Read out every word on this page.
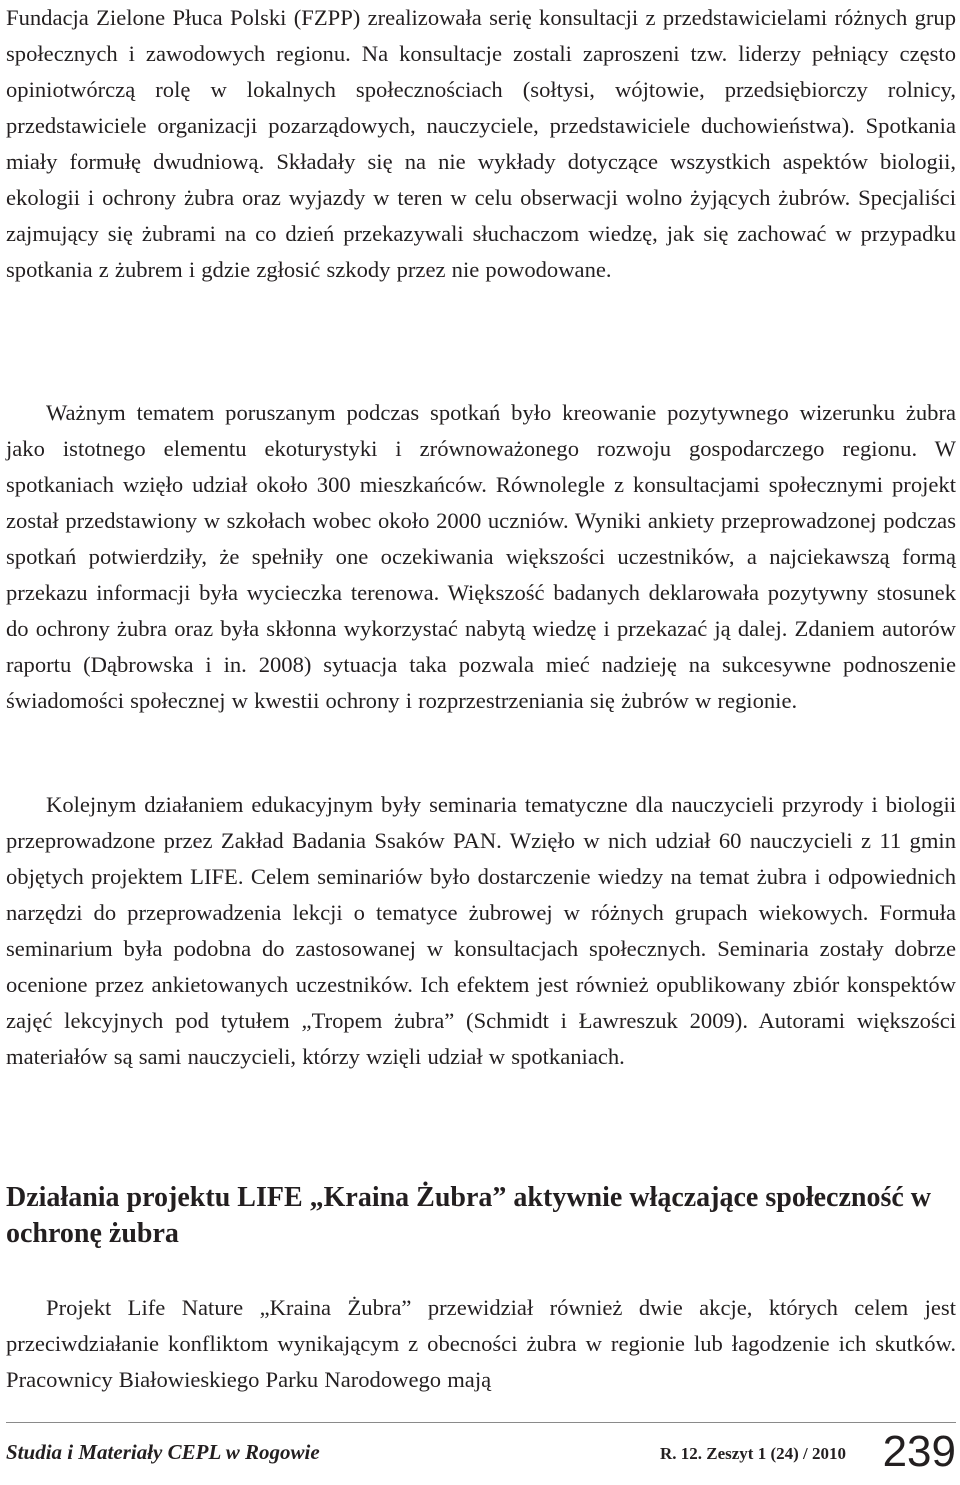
Fundacja Zielone Płuca Polski (FZPP) zrealizowała serię konsultacji z przedstawicielami różnych grup społecznych i zawodowych regionu. Na konsultacje zostali zaproszeni tzw. liderzy pełniący często opiniotwórczą rolę w lokalnych społecznościach (sołtysi, wójtowie, przedsiębiorczy rolnicy, przedstawiciele organizacji pozarządowych, nauczyciele, przedstawiciele duchowieństwa). Spotkania miały formułę dwudniową. Składały się na nie wykłady dotyczące wszystkich aspektów biologii, ekologii i ochrony żubra oraz wyjazdy w teren w celu obserwacji wolno żyjących żubrów. Specjaliści zajmujący się żubrami na co dzień przekazywali słuchaczom wiedzę, jak się zachować w przypadku spotkania z żubrem i gdzie zgłosić szkody przez nie powodowane.

Ważnym tematem poruszanym podczas spotkań było kreowanie pozytywnego wizerunku żubra jako istotnego elementu ekoturystyki i zrównoważonego rozwoju gospodarczego regionu. W spotkaniach wzięło udział około 300 mieszkańców. Równolegle z konsultacjami społecznymi projekt został przedstawiony w szkołach wobec około 2000 uczniów. Wyniki ankiety przeprowadzonej podczas spotkań potwierdziły, że spełniły one oczekiwania większości uczestników, a najciekawszą formą przekazu informacji była wycieczka terenowa. Większość badanych deklarowała pozytywny stosunek do ochrony żubra oraz była skłonna wykorzystać nabytą wiedzę i przekazać ją dalej. Zdaniem autorów raportu (Dąbrowska i in. 2008) sytuacja taka pozwala mieć nadzieję na sukcesywne podnoszenie świadomości społecznej w kwestii ochrony i rozprzestrzeniania się żubrów w regionie.

Kolejnym działaniem edukacyjnym były seminaria tematyczne dla nauczycieli przyrody i biologii przeprowadzone przez Zakład Badania Ssaków PAN. Wzięło w nich udział 60 nauczycieli z 11 gmin objętych projektem LIFE. Celem seminariów było dostarczenie wiedzy na temat żubra i odpowiednich narzędzi do przeprowadzenia lekcji o tematyce żubrowej w różnych grupach wiekowych. Formuła seminarium była podobna do zastosowanej w konsultacjach społecznych. Seminaria zostały dobrze ocenione przez ankietowanych uczestników. Ich efektem jest również opublikowany zbiór konspektów zajęć lekcyjnych pod tytułem „Tropem żubra” (Schmidt i Ławreszuk 2009). Autorami większości materiałów są sami nauczycieli, którzy wzięli udział w spotkaniach.

Działania projektu LIFE „Kraina Żubra” aktywnie włączające społeczność w ochronę żubra

Projekt Life Nature „Kraina Żubra” przewidział również dwie akcje, których celem jest przeciwdziałanie konfliktom wynikającym z obecności żubra w regionie lub łagodzenie ich skutków. Pracownicy Białowieskiego Parku Narodowego mają

Studia i Materiały CEPL w Rogowie	R. 12. Zeszyt 1 (24) / 2010 239
